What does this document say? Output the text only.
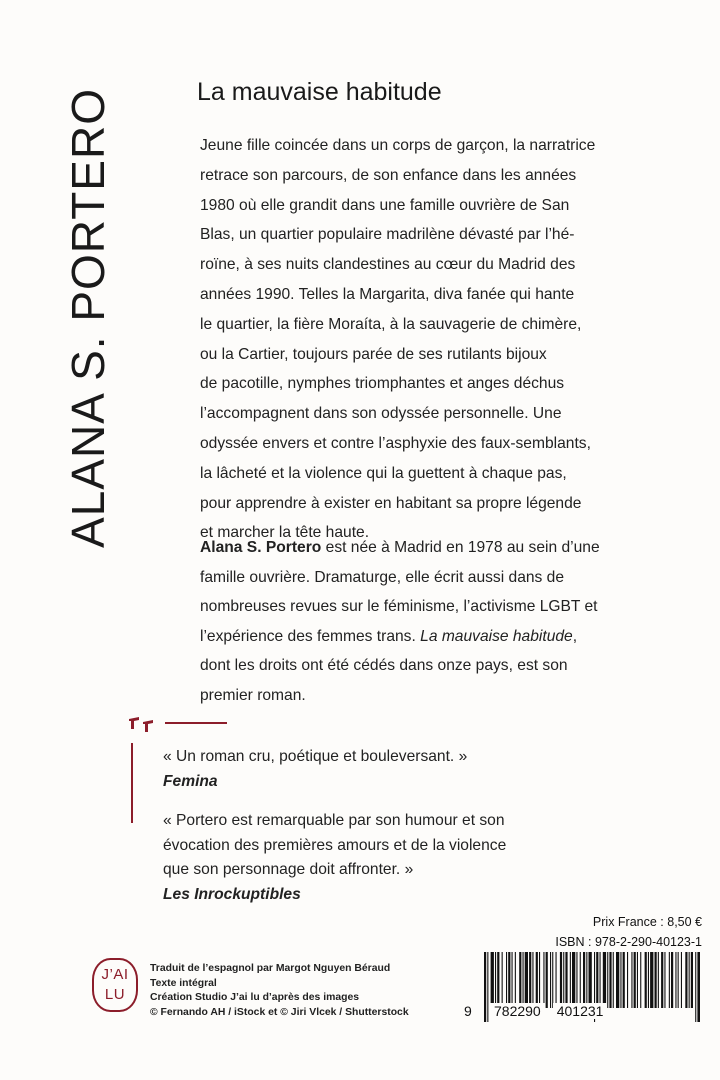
ALANA S. PORTERO	La mauvaise habitude
Jeune fille coincée dans un corps de garçon, la narratrice
retrace son parcours, de son enfance dans les années
1980 où elle grandit dans une famille ouvrière de San
Blas, un quartier populaire madrilène dévasté par l’hé-
roïne, à ses nuits clandestines au cœur du Madrid des
années 1990. Telles la Margarita, diva fanée qui hante
le quartier, la fière Moraíta, à la sauvagerie de chimère,
ou la Cartier, toujours parée de ses rutilants bijoux
de pacotille, nymphes triomphantes et anges déchus
l’accompagnent dans son odyssée personnelle. Une
odyssée envers et contre l’asphyxie des faux-semblants,
la lâcheté et la violence qui la guettent à chaque pas,
pour apprendre à exister en habitant sa propre légende
et marcher la tête haute.
Alana S. Portero est née à Madrid en 1978 au sein d’une
famille ouvrière. Dramaturge, elle écrit aussi dans de
nombreuses revues sur le féminisme, l’activisme LGBT et
l’expérience des femmes trans. La mauvaise habitude,
dont les droits ont été cédés dans onze pays, est son
premier roman.
« Un roman cru, poétique et bouleversant. »
Femina
« Portero est remarquable par son humour et son
évocation des premières amours et de la violence
que son personnage doit affronter. »
Les Inrockuptibles
J’AI
LU
Traduit de l’espagnol par Margot Nguyen Béraud
Texte intégral
Création Studio J’ai lu d’après des images
© Fernando AH / iStock et © Jiri Vlcek / Shutterstock
Prix France : 8,50 €
ISBN : 978-2-290-40123-1
9	782290 401231
